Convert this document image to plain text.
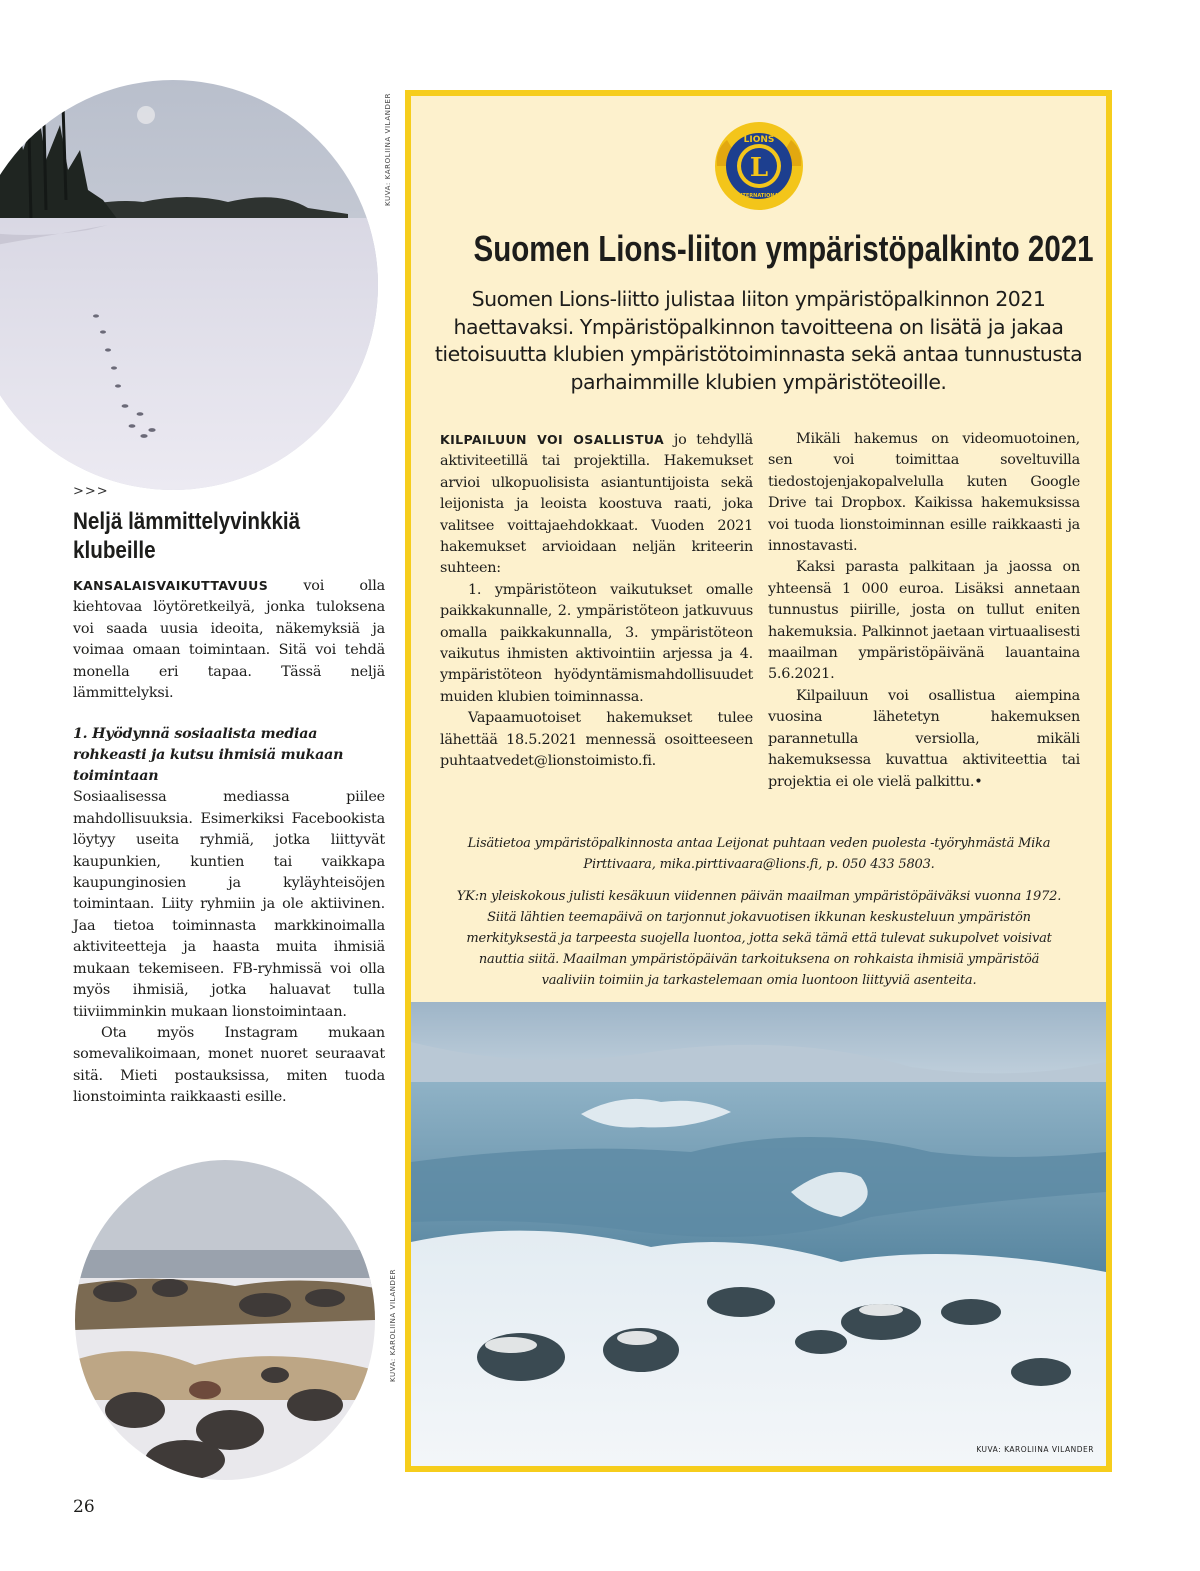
KUVA: KAROLIINA VILANDER
>>>
Neljä lämmittelyvinkkiä klubeille

KANSALAISVAIKUTTAVUUS voi olla kiehtovaa löytöretkeilyä, jonka tuloksena voi saada uusia ideoita, näkemyksiä ja voimaa omaan toimintaan. Sitä voi tehdä monella eri tapaa. Tässä neljä lämmittelyksi.

1. Hyödynnä sosiaalista mediaa rohkeasti ja kutsu ihmisiä mukaan toimintaan

Sosiaalisessa mediassa piilee mahdollisuuksia. Esimerkiksi Facebookista löytyy useita ryhmiä, jotka liittyvät kaupunkien, kuntien tai vaikkapa kaupunginosien ja kyläyhteisöjen toimintaan. Liity ryhmiin ja ole aktiivinen. Jaa tietoa toiminnasta markkinoimalla aktiviteetteja ja haasta muita ihmisiä mukaan tekemiseen. FB-ryhmissä voi olla myös ihmisiä, jotka haluavat tulla tiiviimminkin mukaan lionstoimintaan.

Ota myös Instagram mukaan somevalikoimaan, monet nuoret seuraavat sitä. Mieti postauksissa, miten tuoda lionstoiminta raikkaasti esille.

KUVA: KAROLIINA VILANDER
26
L
LIONS
INTERNATIONAL
Suomen Lions-liiton ympäristöpalkinto 2021

Suomen Lions-liitto julistaa liiton ympäristöpalkinnon 2021 haettavaksi. Ympäristöpalkinnon tavoitteena on lisätä ja jakaa tietoisuutta klubien ympäristötoiminnasta sekä antaa tunnustusta parhaimmille klubien ympäristöteoille.

KILPAILUUN VOI OSALLISTUA jo tehdyllä aktiviteetillä tai projektilla. Hakemukset arvioi ulkopuolisista asiantuntijoista sekä leijonista ja leoista koostuva raati, joka valitsee voittajaehdokkaat. Vuoden 2021 hakemukset arvioidaan neljän kriteerin suhteen:

1. ympäristöteon vaikutukset omalle paikkakunnalle, 2. ympäristöteon jatkuvuus omalla paikkakunnalla, 3. ympäristöteon vaikutus ihmisten aktivointiin arjessa ja 4. ympäristöteon hyödyntämismahdollisuudet muiden klubien toiminnassa.

Vapaamuotoiset hakemukset tulee lähettää 18.5.2021 mennessä osoitteeseen puhtaatvedet@lionstoimisto.fi.

Mikäli hakemus on videomuotoinen, sen voi toimittaa soveltuvilla tiedostojenjakopalvelulla kuten Google Drive tai Dropbox. Kaikissa hakemuksissa voi tuoda lionstoiminnan esille raikkaasti ja innostavasti.

Kaksi parasta palkitaan ja jaossa on yhteensä 1 000 euroa. Lisäksi annetaan tunnustus piirille, josta on tullut eniten hakemuksia. Palkinnot jaetaan virtuaalisesti maailman ympäristöpäivänä lauantaina 5.6.2021.

Kilpailuun voi osallistua aiempina vuosina lähetetyn hakemuksen parannetulla versiolla, mikäli hakemuksessa kuvattua aktiviteettia tai projektia ei ole vielä palkittu.•

Lisätietoa ympäristöpalkinnosta antaa Leijonat puhtaan veden puolesta -työryhmästä Mika Pirttivaara, mika.pirttivaara@lions.fi, p. 050 433 5803.

YK:n yleiskokous julisti kesäkuun viidennen päivän maailman ympäristöpäiväksi vuonna 1972. Siitä lähtien teemapäivä on tarjonnut jokavuotisen ikkunan keskusteluun ympäristön merkityksestä ja tarpeesta suojella luontoa, jotta sekä tämä että tulevat sukupolvet voisivat nauttia siitä. Maailman ympäristöpäivän tarkoituksena on rohkaista ihmisiä ympäristöä vaaliviin toimiin ja tarkastelemaan omia luontoon liittyviä asenteita.

KUVA: KAROLIINA VILANDER
